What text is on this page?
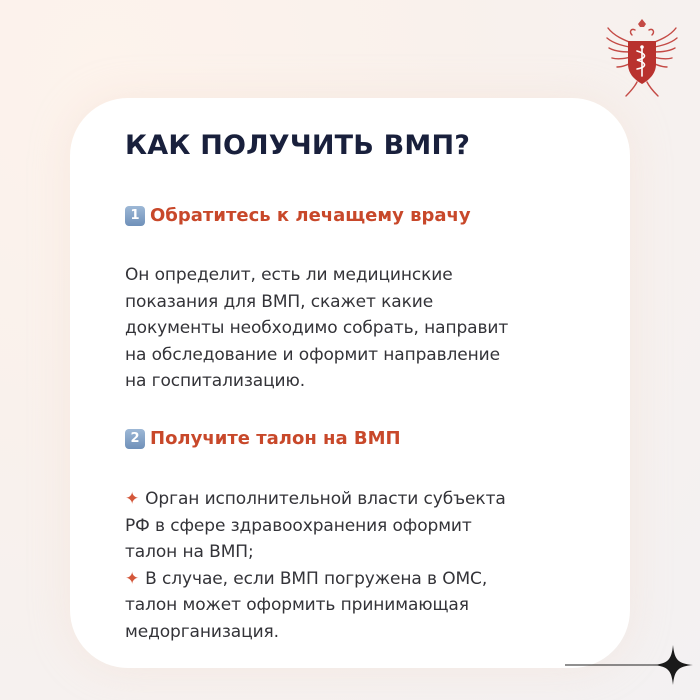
КАК ПОЛУЧИТЬ ВМП?
1 Обратитесь к лечащему врачу

Он определит, есть ли медицинские
показания для ВМП, скажет какие
документы необходимо собрать, направит
на обследование и оформит направление
на госпитализацию.

2 Получите талон на ВМП

✦ Орган исполнительной власти субъекта
РФ в сфере здравоохранения оформит
талон на ВМП;
✦ В случае, если ВМП погружена в ОМС,
талон может оформить принимающая
медорганизация.
